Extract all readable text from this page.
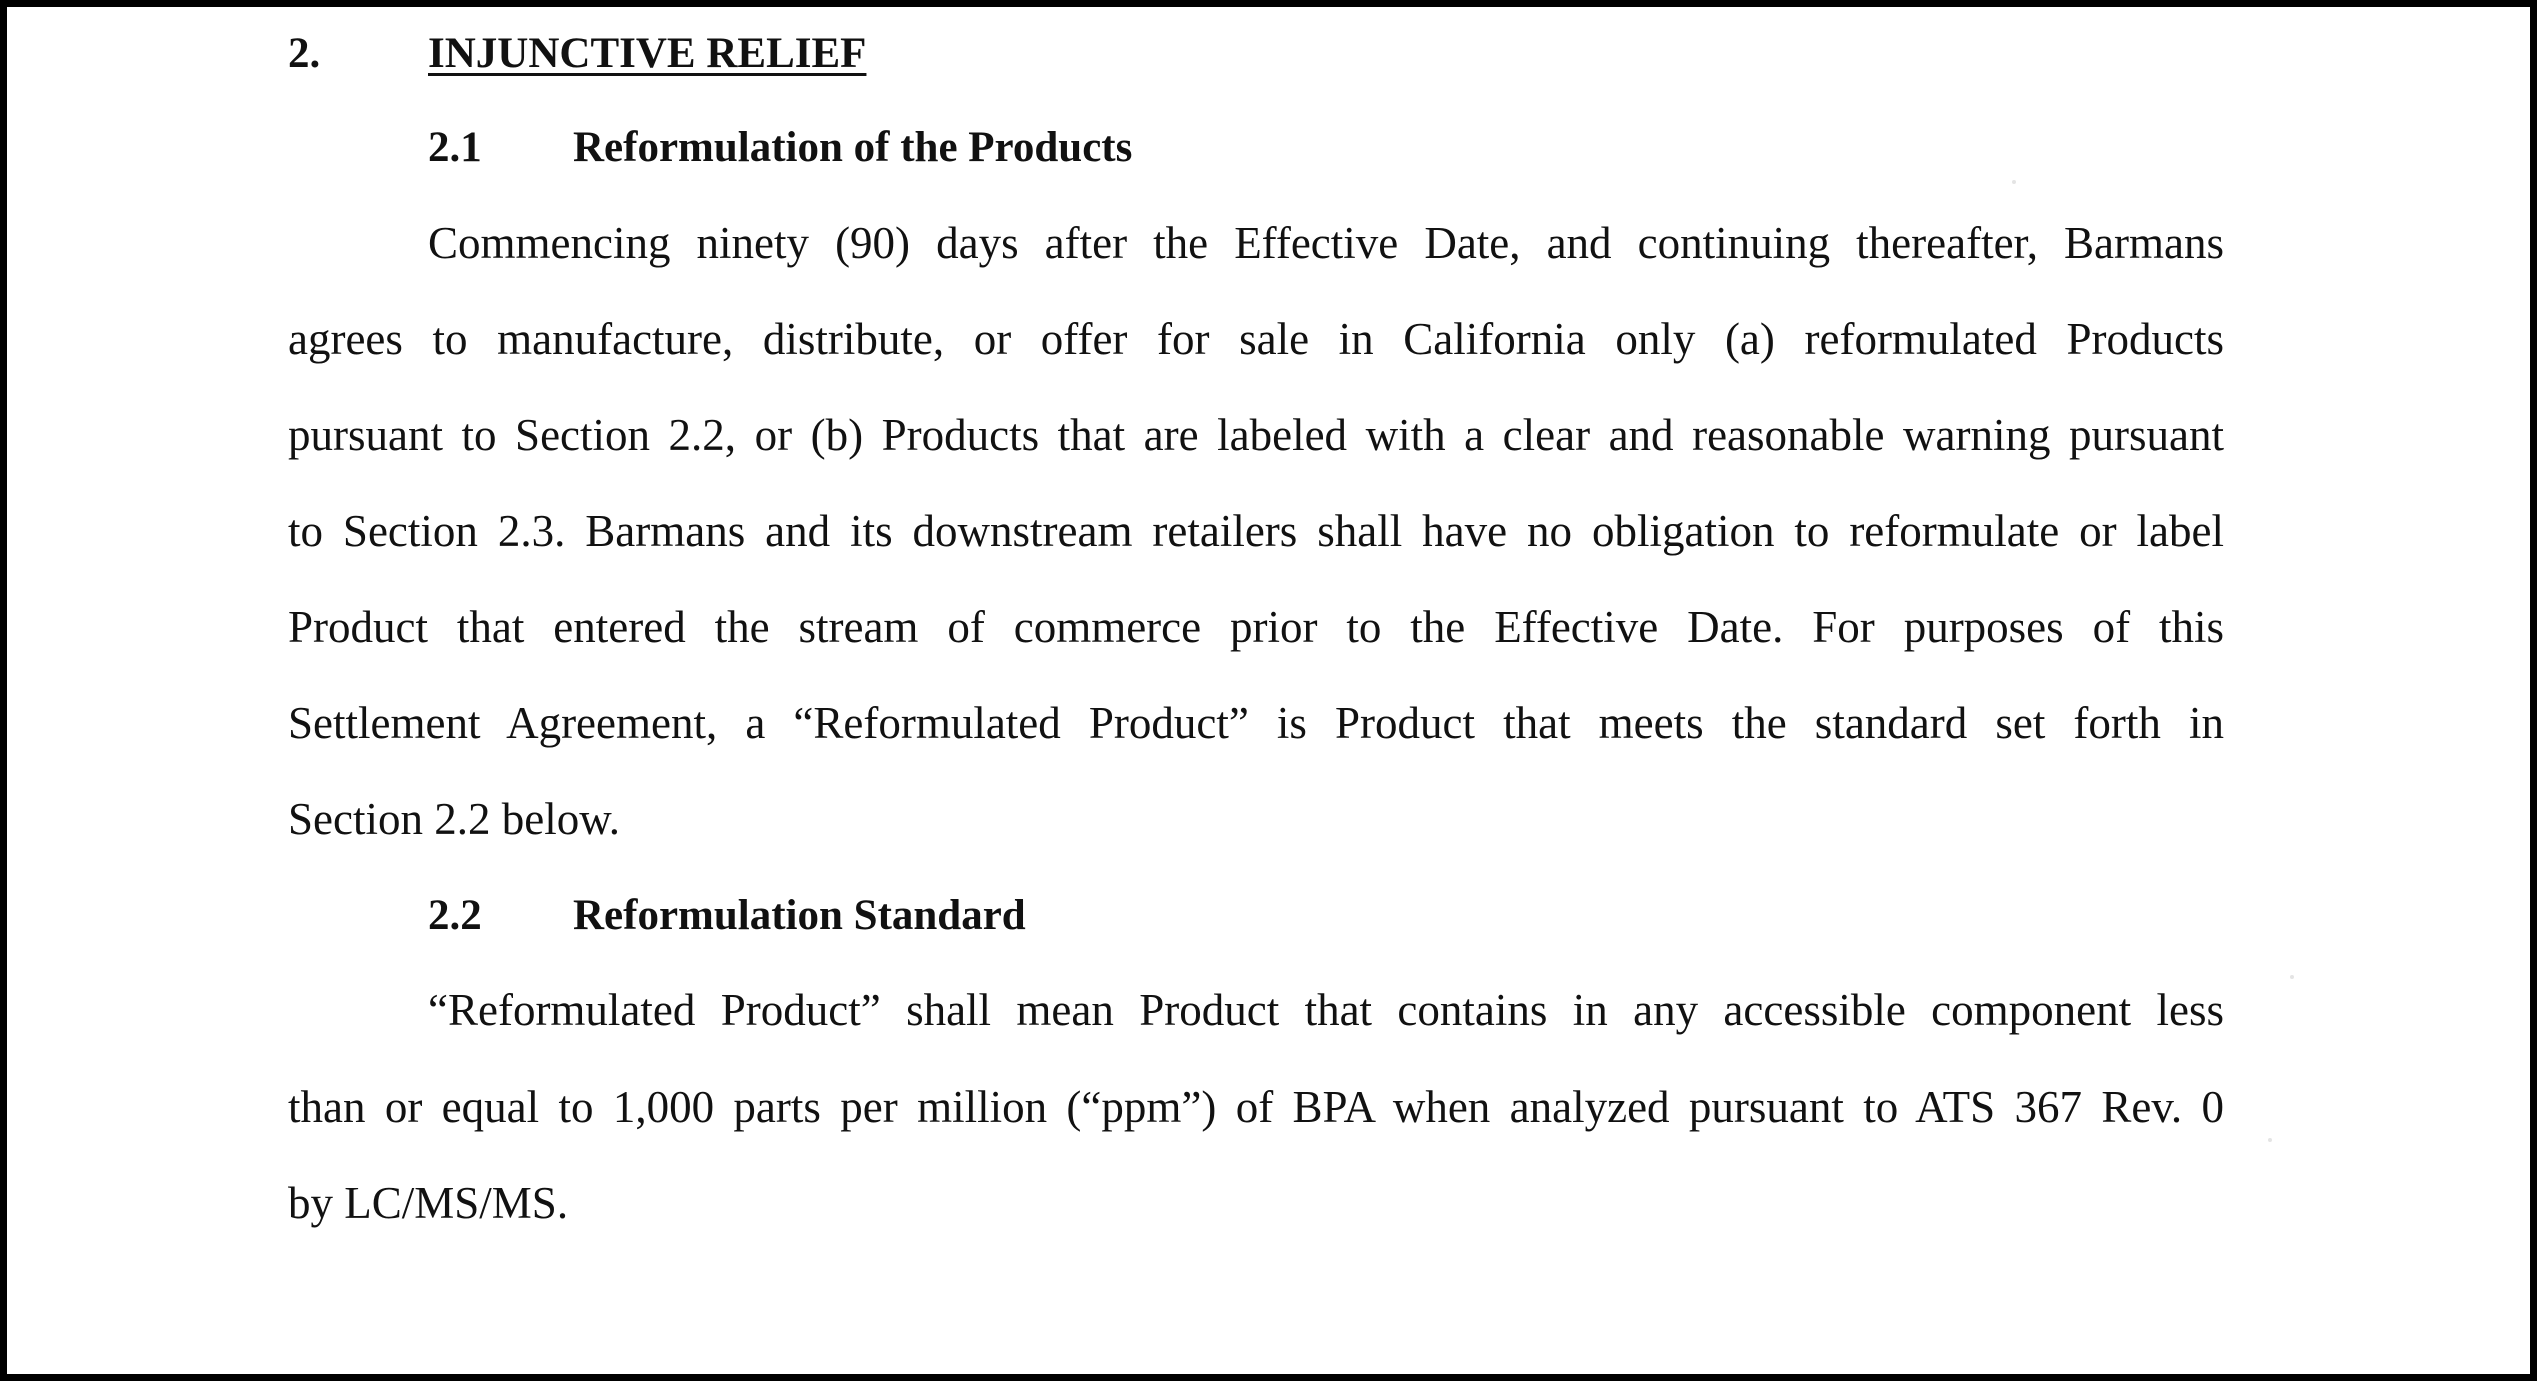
2.	INJUNCTIVE RELIEF
2.1 Reformulation of the Products
Commencing ninety (90) days after the Effective Date, and continuing thereafter, Barmans
agrees to manufacture, distribute, or offer for sale in California only (a) reformulated Products
pursuant to Section 2.2, or (b) Products that are labeled with a clear and reasonable warning pursuant
to Section 2.3. Barmans and its downstream retailers shall have no obligation to reformulate or label
Product that entered the stream of commerce prior to the Effective Date. For purposes of this
Settlement Agreement, a “Reformulated Product” is Product that meets the standard set forth in
Section 2.2 below.
2.2 Reformulation Standard
“Reformulated Product” shall mean Product that contains in any accessible component less
than or equal to 1,000 parts per million (“ppm”) of BPA when analyzed pursuant to ATS 367 Rev. 0
by LC/MS/MS.
